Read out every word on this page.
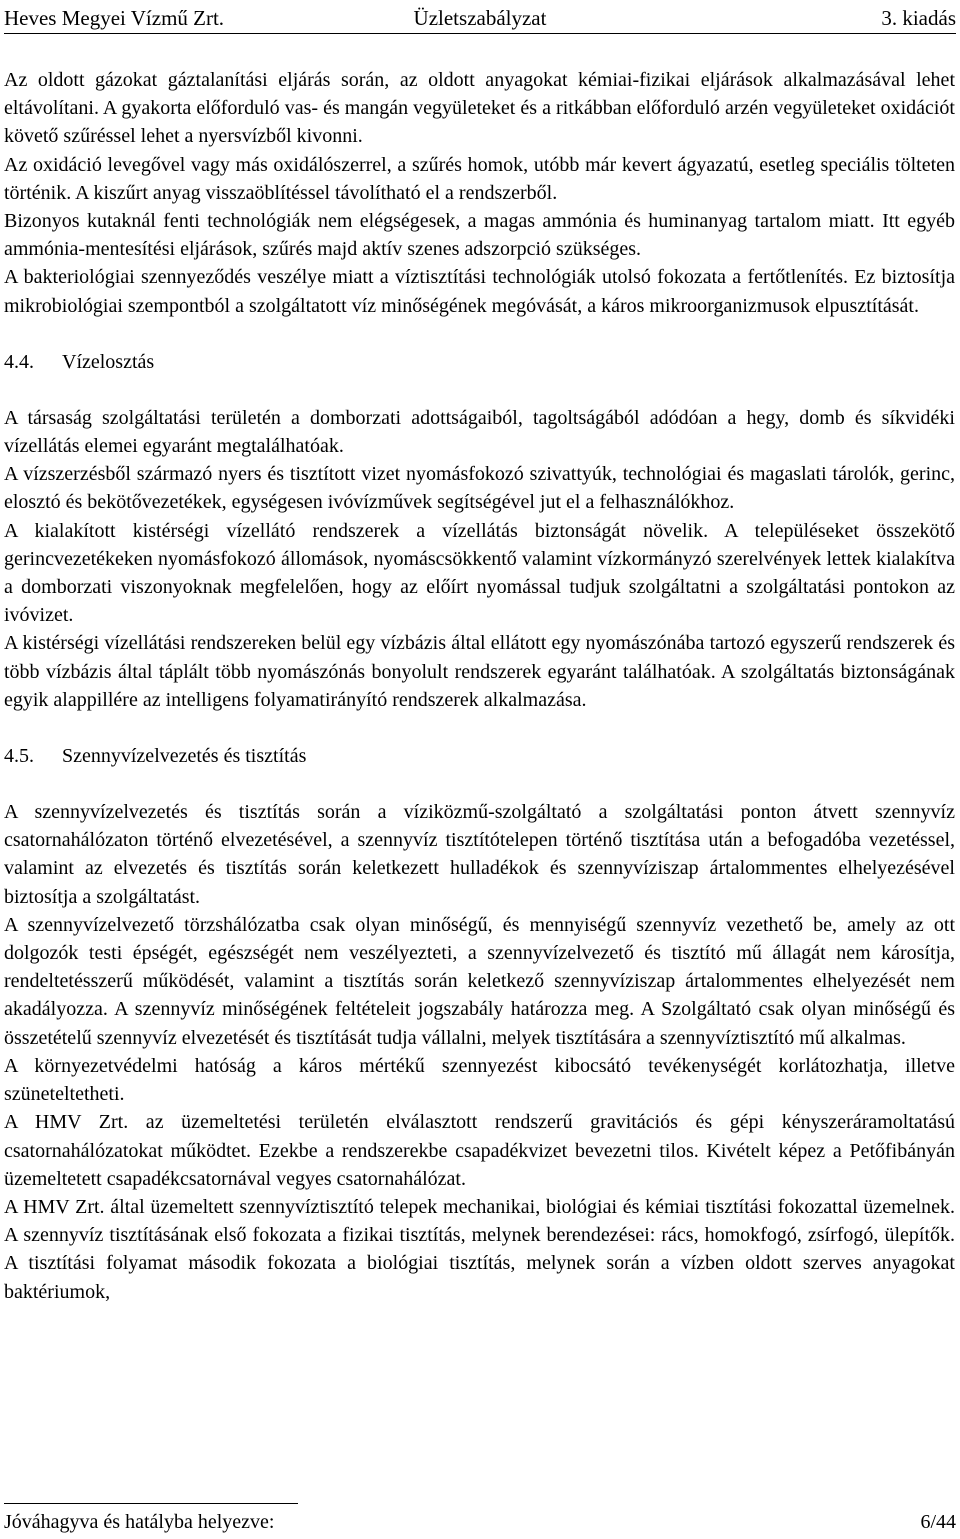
Heves Megyei Vízmű Zrt.	Üzletszabályzat	3. kiadás

Az oldott gázokat gáztalanítási eljárás során, az oldott anyagokat kémiai-fizikai eljárások alkalmazásával lehet eltávolítani. A gyakorta előforduló vas- és mangán vegyületeket és a ritkábban előforduló arzén vegyületeket oxidációt követő szűréssel lehet a nyersvízből kivonni.

Az oxidáció levegővel vagy más oxidálószerrel, a szűrés homok, utóbb már kevert ágyazatú, esetleg speciális tölteten történik. A kiszűrt anyag visszaöblítéssel távolítható el a rendszerből.

Bizonyos kutaknál fenti technológiák nem elégségesek, a magas ammónia és huminanyag tartalom miatt. Itt egyéb ammónia-mentesítési eljárások, szűrés majd aktív szenes adszorpció szükséges.

A bakteriológiai szennyeződés veszélye miatt a víztisztítási technológiák utolsó fokozata a fertőtlenítés. Ez biztosítja mikrobiológiai szempontból a szolgáltatott víz minőségének megóvását, a káros mikroorganizmusok elpusztítását.

4.4. Vízelosztás

A társaság szolgáltatási területén a domborzati adottságaiból, tagoltságából adódóan a hegy, domb és síkvidéki vízellátás elemei egyaránt megtalálhatóak.

A vízszerzésből származó nyers és tisztított vizet nyomásfokozó szivattyúk, technológiai és magaslati tárolók, gerinc, elosztó és bekötővezetékek, egységesen ivóvízművek segítségével jut el a felhasználókhoz.

A kialakított kistérségi vízellátó rendszerek a vízellátás biztonságát növelik. A településeket összekötő gerincvezetékeken nyomásfokozó állomások, nyomáscsökkentő valamint vízkormányzó szerelvények lettek kialakítva a domborzati viszonyoknak megfelelően, hogy az előírt nyomással tudjuk szolgáltatni a szolgáltatási pontokon az ivóvizet.

A kistérségi vízellátási rendszereken belül egy vízbázis által ellátott egy nyomászónába tartozó egyszerű rendszerek és több vízbázis által táplált több nyomászónás bonyolult rendszerek egyaránt találhatóak. A szolgáltatás biztonságának egyik alappillére az intelligens folyamatirányító rendszerek alkalmazása.

4.5. Szennyvízelvezetés és tisztítás

A szennyvízelvezetés és tisztítás során a víziközmű-szolgáltató a szolgáltatási ponton átvett szennyvíz csatornahálózaton történő elvezetésével, a szennyvíz tisztítótelepen történő tisztítása után a befogadóba vezetéssel, valamint az elvezetés és tisztítás során keletkezett hulladékok és szennyvíziszap ártalommentes elhelyezésével biztosítja a szolgáltatást.

A szennyvízelvezető törzshálózatba csak olyan minőségű, és mennyiségű szennyvíz vezethető be, amely az ott dolgozók testi épségét, egészségét nem veszélyezteti, a szennyvízelvezető és tisztító mű állagát nem károsítja, rendeltetésszerű működését, valamint a tisztítás során keletkező szennyvíziszap ártalommentes elhelyezését nem akadályozza. A szennyvíz minőségének feltételeit jogszabály határozza meg. A Szolgáltató csak olyan minőségű és összetételű szennyvíz elvezetését és tisztítását tudja vállalni, melyek tisztítására a szennyvíztisztító mű alkalmas.

A környezetvédelmi hatóság a káros mértékű szennyezést kibocsátó tevékenységét korlátozhatja, illetve szüneteltetheti.

A HMV Zrt. az üzemeltetési területén elválasztott rendszerű gravitációs és gépi kényszeráramoltatású csatornahálózatokat működtet. Ezekbe a rendszerekbe csapadékvizet bevezetni tilos. Kivételt képez a Petőfibányán üzemeltetett csapadékcsatornával vegyes csatornahálózat.

A HMV Zrt. által üzemeltett szennyvíztisztító telepek mechanikai, biológiai és kémiai tisztítási fokozattal üzemelnek. A szennyvíz tisztításának első fokozata a fizikai tisztítás, melynek berendezései: rács, homokfogó, zsírfogó, ülepítők. A tisztítási folyamat második fokozata a biológiai tisztítás, melynek során a vízben oldott szerves anyagokat baktériumok,

Jóváhagyva és hatályba helyezve:	6/44
